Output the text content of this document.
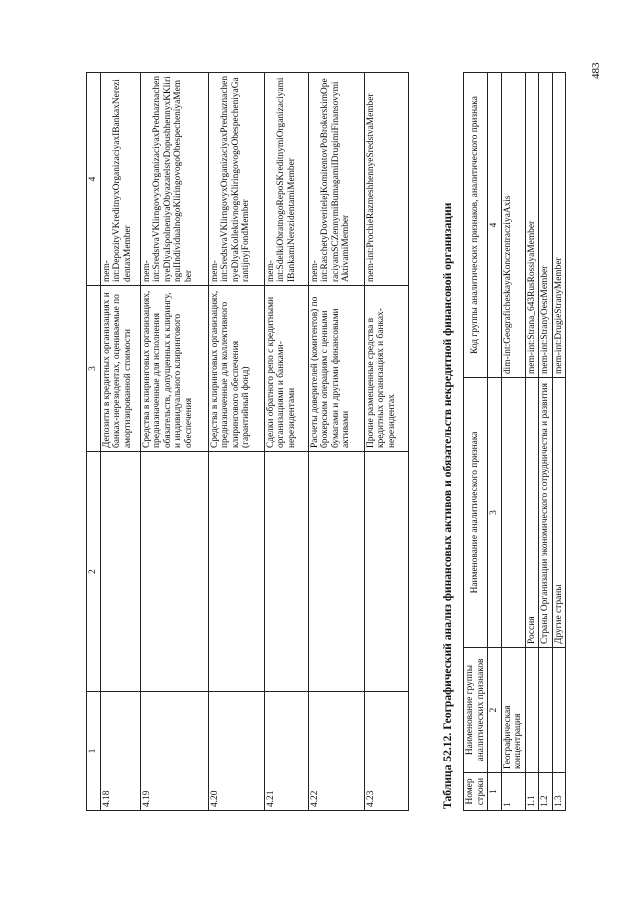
1	2	3	4
4.18		Депозиты в кредитных организациях и банках-нерезидентах, оцениваемые по амортизированной стоимости	mem-int:DepozityVKreditnyxOrganizaciyaxIBankaxNerezidentaxMember
4.19		Средства в клиринговых организациях, предназначенные для исполнения обязательств, допущенных к клирингу, и индивидуального клирингового обеспечения	mem-int:SredstvaVKlirngovyxOrganizaciyaxPrednaznachennyeDlyaIspolneniyaObyazatelstvDopushhennyxKKliringuIIndividualnogoKliringovogoObespecheniyaMember
4.20		Средства в клиринговых организациях, предназначенные для коллективного клирингового обеспечения (гарантийный фонд)	mem-int:SredstvaVKlirngovyxOrganizaciyaxPrednaznachennyeDlyaKollektivnogoKliringovogoObespecheniyaGarantijnyjFondMember
4.21		Сделки обратного репо с кредитными организациями и банками-нерезидентами	mem-int:SdelkiObratnogoRepoSKreditnymiOrganizaciyamiIBankamiNerezidentamiMember
4.22		Расчеты доверителей (комитентов) по брокерским операциям с ценными бумагами и другими финансовыми активами	mem-int:RaschetyDoveritelejKomitentovPoBrokerskimOperaciyamSCZennymiBumagamiIDrugimiFinansovymiAktivamiMember
4.23		Прочие размещенные средства в кредитных организациях и банках-нерезидентах	mem-int:ProchieRazmeshhennyeSredstvaMember
Таблица 52.12. Географический анализ финансовых активов и обязательств некредитной финансовой организации Номер строки	Наименование группы аналитических признаков	Наименование аналитического признака	Код группы аналитических признаков, аналитического признака
1	2	3	4
1	Географическая концентрация		dim-int:GeograficheskayaKonczentracziyaAxis
1.1		Россия	mem-int:Strana_643RusRossiyaMember
1.2		Страны Организации экономического сотрудничества и развития	mem-int:StranyOesrMember
1.3		Другие страны	mem-int:DrugieStranyMember
483
